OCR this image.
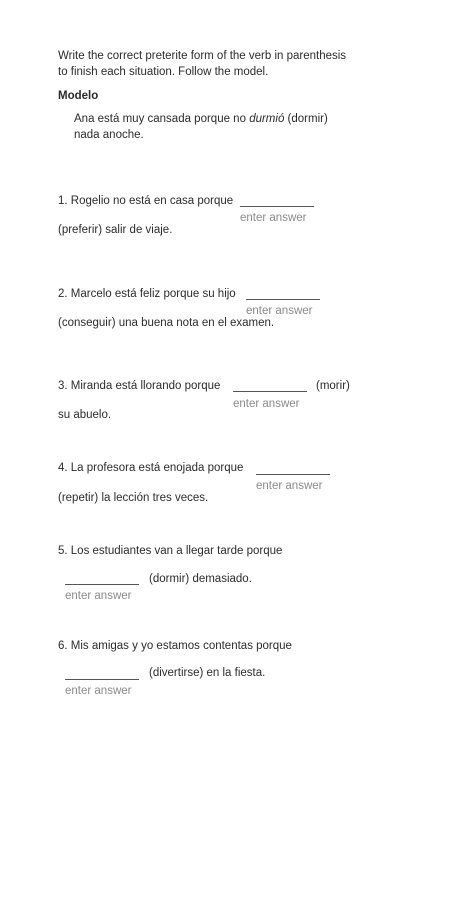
Write the correct preterite form of the verb in parenthesis
to finish each situation. Follow the model.
Modelo
Ana está muy cansada porque no durmió (dormir)
nada anoche.
1. Rogelio no está en casa porque
enter answer
(preferir) salir de viaje.
2. Marcelo está feliz porque su hijo
enter answer
(conseguir) una buena nota en el examen.
3. Miranda está llorando porque
enter answer
(morir)
su abuelo.
4. La profesora está enojada porque
enter answer
(repetir) la lección tres veces.
5. Los estudiantes van a llegar tarde porque
enter answer
(dormir) demasiado.
6. Mis amigas y yo estamos contentas porque
enter answer
(divertirse) en la fiesta.
